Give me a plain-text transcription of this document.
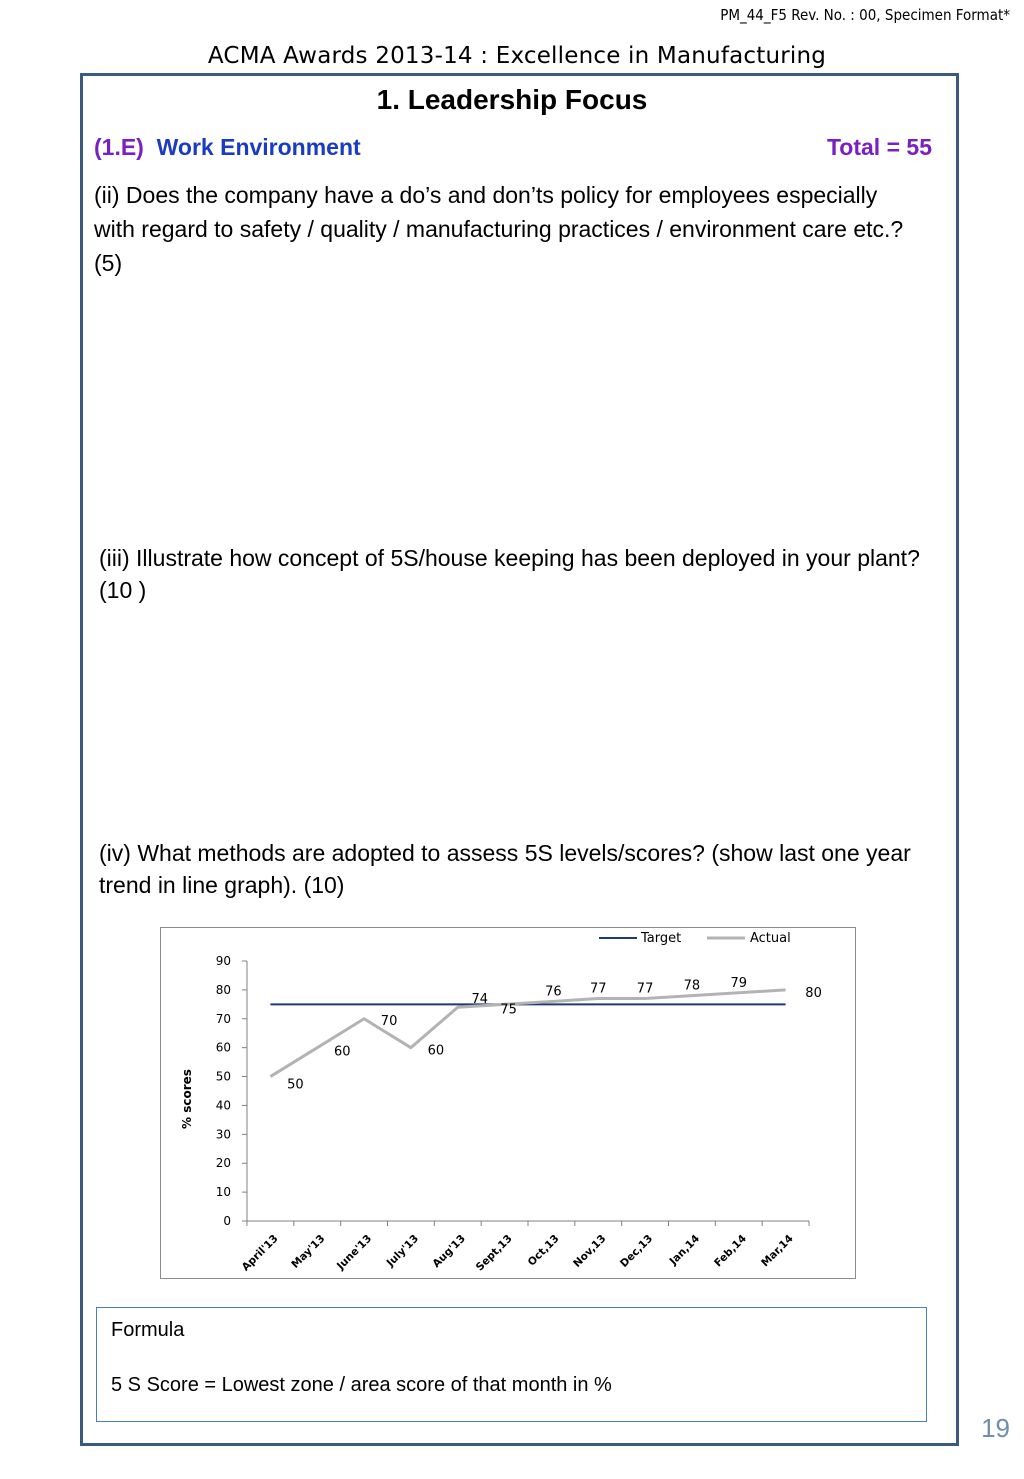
PM_44_F5 Rev. No. : 00, Specimen Format*
ACMA Awards 2013-14 : Excellence in Manufacturing
1. Leadership Focus
(1.E) Work Environment	Total = 55
(ii) Does the company have a do’s and don’ts policy for employees especially with regard to safety / quality / manufacturing practices / environment care etc.? (5)
(iii) Illustrate how concept of 5S/house keeping has been deployed in your plant? (10 )
(iv) What methods are adopted to assess 5S levels/scores? (show last one year trend in line graph). (10)
0
10
20
30
40
50
60
70
80
90
April'13 May'13 June'13 July'13 Aug'13 Sept,13 Oct,13 Nov,13 Dec,13 Jan,14 Feb,14 Mar,14
% scores	50
60
70
60
74
75
76 77 77 78 79
80
Target	Actual
Formula
5 S Score = Lowest zone / area score of that month in %
19
